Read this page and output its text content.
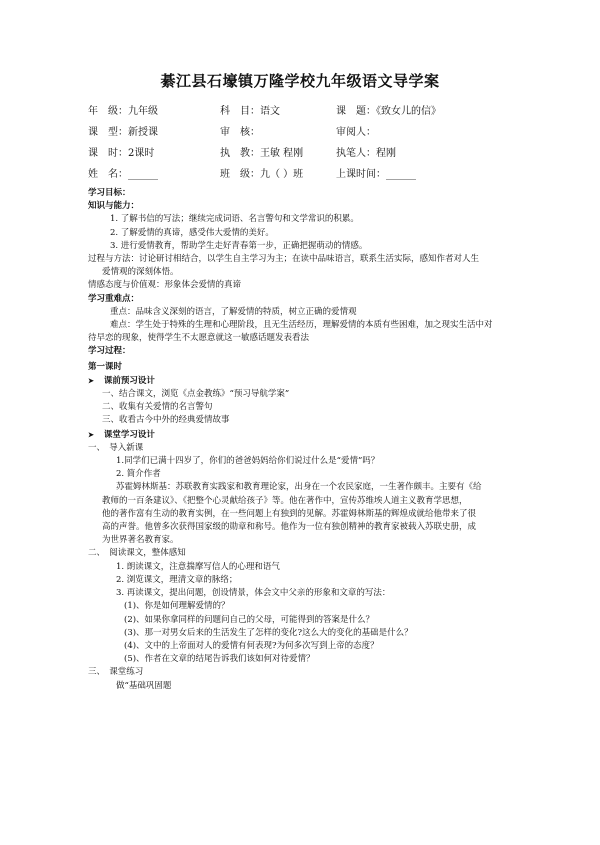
綦江县石壕镇万隆学校九年级语文导学案
年　级：九年级	科　目：语文	课　题：《致女儿的信》
课　型：新授课	审　核：	审阅人：
课　时：2课时	执　教：王敏 程刚	执笔人：程刚
姓　名：______	班　级：九（ ）班	上课时间：______
学习目标：
知识与能力：
1. 了解书信的写法；继续完成词语、名言警句和文学常识的积累。
2. 了解爱情的真谛，感受伟大爱情的美好。
3. 进行爱情教育，帮助学生走好青春第一步，正确把握萌动的情感。
过程与方法：讨论研讨相结合，以学生自主学习为主；在读中品味语言，联系生活实际，感知作者对人生
爱情观的深刻体悟。
情感态度与价值观：形象体会爱情的真谛
学习重难点：
重点：品味含义深刻的语言，了解爱情的特质，树立正确的爱情观
难点：学生处于特殊的生理和心理阶段，且无生活经历，理解爱情的本质有些困难，加之现实生活中对
待早恋的现象，使得学生不太愿意就这一敏感话题发表看法
学习过程：
第一课时
➤ 课前预习设计
一、结合课文，浏览《点金教练》“预习导航学案”
二、收集有关爱情的名言警句
三、收看古今中外的经典爱情故事
➤ 课堂学习设计
一、　导入新课
1.同学们已满十四岁了，你们的爸爸妈妈给你们说过什么是“爱情”吗？
2. 简介作者
苏霍姆林斯基：苏联教育实践家和教育理论家，出身在一个农民家庭，一生著作颇丰。主要有《给
教师的一百条建议》、《把整个心灵献给孩子》等。他在著作中，宣传苏维埃人道主义教育学思想，
他的著作富有生动的教育实例，在一些问题上有独到的见解。苏霍姆林斯基的辉煌成就给他带来了很
高的声誉。他曾多次获得国家级的勋章和称号。他作为一位有独创精神的教育家被载入苏联史册，成
为世界著名教育家。
二、　阅读课文，整体感知
1. 朗读课文，注意揣摩写信人的心理和语气
2. 浏览课文，理清文章的脉络；
3. 再读课文，提出问题，创设情景，体会文中父亲的形象和文章的写法：
(1)、你是如何理解爱情的？
(2)、如果你拿同样的问题问自己的父母，可能得到的答案是什么？
(3)、那一对男女后来的生活发生了怎样的变化?这么大的变化的基础是什么？
(4)、文中的上帝面对人的爱情有何表现?为何多次写到上帝的态度？
(5)、作者在文章的结尾告诉我们该如何对待爱情？
三、　课堂练习
做“基础巩固题
